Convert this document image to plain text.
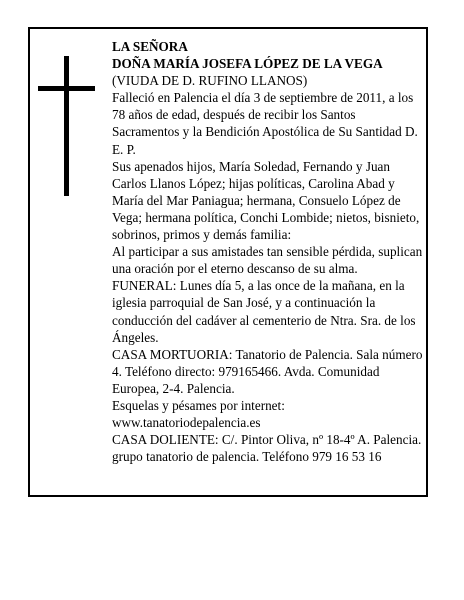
LA SEÑORA
DOÑA MARÍA JOSEFA LÓPEZ DE LA VEGA
(VIUDA DE D. RUFINO LLANOS)
Falleció en Palencia el día 3 de septiembre de 2011, a los 78 años de edad, después de recibir los Santos Sacramentos y la Bendición Apostólica de Su Santidad D. E. P.
Sus apenados hijos, María Soledad, Fernando y Juan Carlos Llanos López; hijas políticas, Carolina Abad y María del Mar Paniagua; hermana, Consuelo López de Vega; hermana política, Conchi Lombide; nietos, bisnieto, sobrinos, primos y demás familia:
Al participar a sus amistades tan sensible pérdida, suplican una oración por el eterno descanso de su alma.
FUNERAL: Lunes día 5, a las once de la mañana, en la iglesia parroquial de San José, y a continuación la conducción del cadáver al cementerio de Ntra. Sra. de los Ángeles.
CASA MORTUORIA: Tanatorio de Palencia. Sala número 4. Teléfono directo: 979165466. Avda. Comunidad Europea, 2-4. Palencia.
Esquelas y pésames por internet: www.tanatoriodepalencia.es
CASA DOLIENTE: C/. Pintor Oliva, nº 18-4º A. Palencia.
grupo tanatorio de palencia. Teléfono 979 16 53 16
